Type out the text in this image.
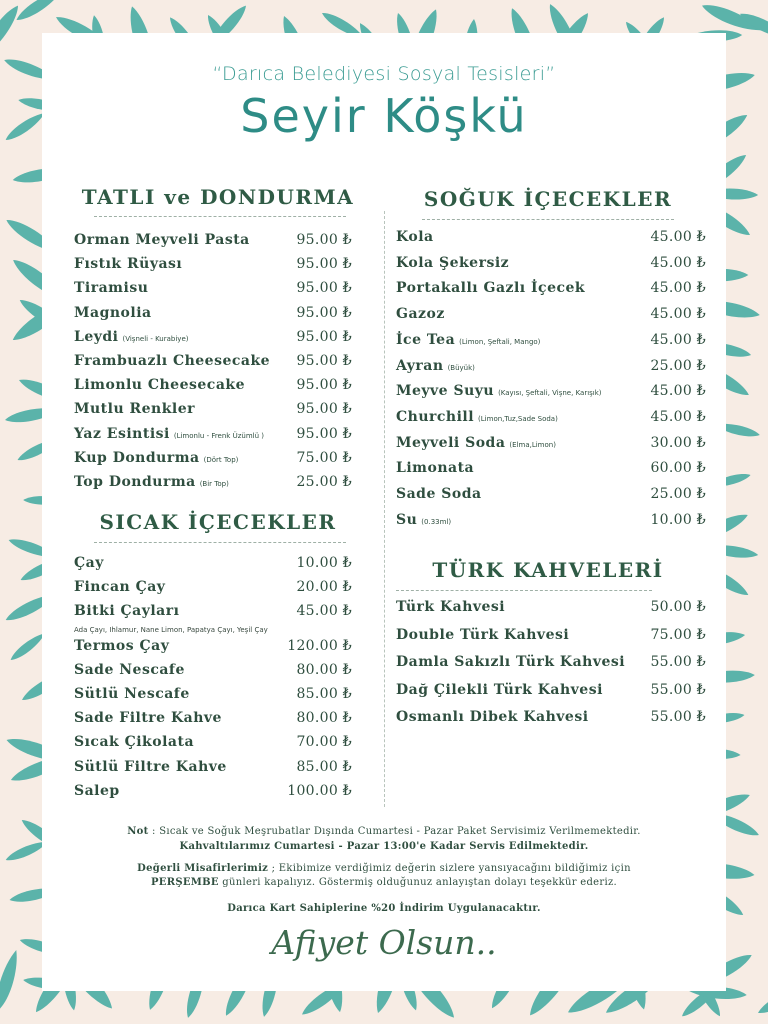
“Darıca Belediyesi Sosyal Tesisleri”
Seyir Köşkü
TATLI ve DONDURMA
SICAK İÇECEKLER
SOĞUK İÇECEKLER
TÜRK KAHVELERİ
Orman Meyveli Pasta	95.00 ₺
Fıstık Rüyası	95.00 ₺
Tiramisu	95.00 ₺
Magnolia	95.00 ₺
Leydi (Vişneli - Kurabiye)	95.00 ₺
Frambuazlı Cheesecake 95.00 ₺
Limonlu Cheesecake	95.00 ₺
Mutlu Renkler	95.00 ₺
Yaz Esintisi (Limonlu - Frenk Üzümlü ) 95.00 ₺
Kup Dondurma (Dört Top)	75.00 ₺
Top Dondurma (Bir Top)	25.00 ₺
Çay	10.00 ₺
Fincan Çay	20.00 ₺
Bitki Çayları	45.00 ₺
Termos Çay	120.00 ₺
Sade Nescafe	80.00 ₺
Sütlü Nescafe	85.00 ₺
Sade Filtre Kahve	80.00 ₺
Sıcak Çikolata	70.00 ₺
Sütlü Filtre Kahve	85.00 ₺
Salep	100.00 ₺
Kola	45.00 ₺
Kola Şekersiz	45.00 ₺
Portakallı Gazlı İçecek	45.00 ₺
Gazoz	45.00 ₺
İce Tea (Limon, Şeftali, Mango)	45.00 ₺
Ayran (Büyük)	25.00 ₺
Meyve Suyu (Kayısı, Şeftali, Vişne, Karışık)	45.00 ₺
Churchill (Limon,Tuz,Sade Soda)	45.00 ₺
Meyveli Soda (Elma,Limon)	30.00 ₺
Limonata	60.00 ₺
Sade Soda	25.00 ₺
Su (0.33ml)	10.00 ₺
Türk Kahvesi	50.00 ₺
Double Türk Kahvesi	75.00 ₺
Damla Sakızlı Türk Kahvesi 55.00 ₺
Dağ Çilekli Türk Kahvesi	55.00 ₺
Osmanlı Dibek Kahvesi	55.00 ₺
Ada Çayı, Ihlamur, Nane Limon, Papatya Çayı, Yeşil Çay
Not : Sıcak ve Soğuk Meşrubatlar Dışında Cumartesi - Pazar Paket Servisimiz Verilmemektedir.
Kahvaltılarımız Cumartesi - Pazar 13:00'e Kadar Servis Edilmektedir.
Değerli Misafirlerimiz ; Ekibimize verdiğimiz değerin sizlere yansıyacağını bildiğimiz için
PERŞEMBE günleri kapalıyız. Göstermiş olduğunuz anlayıştan dolayı teşekkür ederiz.
Darıca Kart Sahiplerine %20 İndirim Uygulanacaktır.
Afiyet Olsun..
